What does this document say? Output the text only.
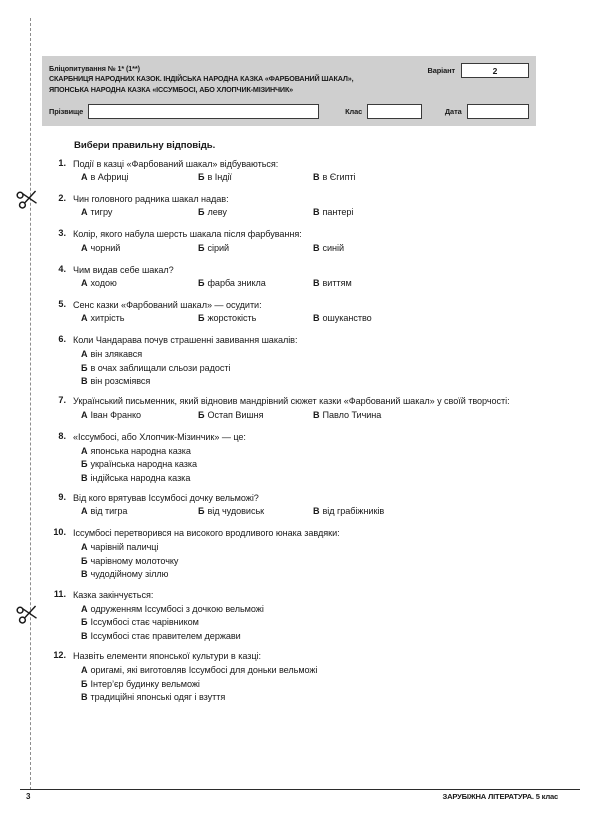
Бліцопитування № 1* (1**)
СКАРБНИЦЯ НАРОДНИХ КАЗОК. ІНДІЙСЬКА НАРОДНА КАЗКА «ФАРБОВАНИЙ ШАКАЛ»,
ЯПОНСЬКА НАРОДНА КАЗКА «ІССУМБОСІ, АБО ХЛОПЧИК-МІЗИНЧИК»
Варіант	2
Прізвище	Клас	Дата
Вибери правильну відповідь.
1. Події в казці «Фарбований шакал» відбуваються:
А в Африці	Б в Індії	В в Єгипті
2. Чин головного радника шакал надав:
А тигру	Б леву	В пантері
3. Колір, якого набула шерсть шакала після фарбування:
А чорний	Б сірий	В синій
4. Чим видав себе шакал?
А ходою	Б фарба зникла	В виттям
5. Сенс казки «Фарбований шакал» — осудити:
А хитрість	Б жорстокість	В ошуканство
6. Коли Чандарава почув страшенні завивання шакалів:
А він злякався
Б в очах заблищали сльози радості
В він розсміявся
7. Український письменник, який відновив мандрівний сюжет казки «Фарбований шакал» у своїй творчості:
А Іван Франко	Б Остап Вишня	В Павло Тичина
8. «Іссумбосі, або Хлопчик-Мізинчик» — це:
А японська народна казка
Б українська народна казка
В індійська народна казка
9. Від кого врятував Іссумбосі дочку вельможі?
А від тигра	Б від чудовиськ	В від грабіжників
10. Іссумбосі перетворився на високого вродливого юнака завдяки:
А чарівній паличці
Б чарівному молоточку
В чудодійному зіллю
11. Казка закінчується:
А одруженням Іссумбосі з дочкою вельможі
Б Іссумбосі стає чарівником
В Іссумбосі стає правителем держави
12. Назвіть елементи японської культури в казці:
А оригамі, які виготовляв Іссумбосі для доньки вельможі
Б Інтер’єр будинку вельможі
В традиційні японські одяг і взуття
3	ЗАРУБІЖНА ЛІТЕРАТУРА. 5 клас
